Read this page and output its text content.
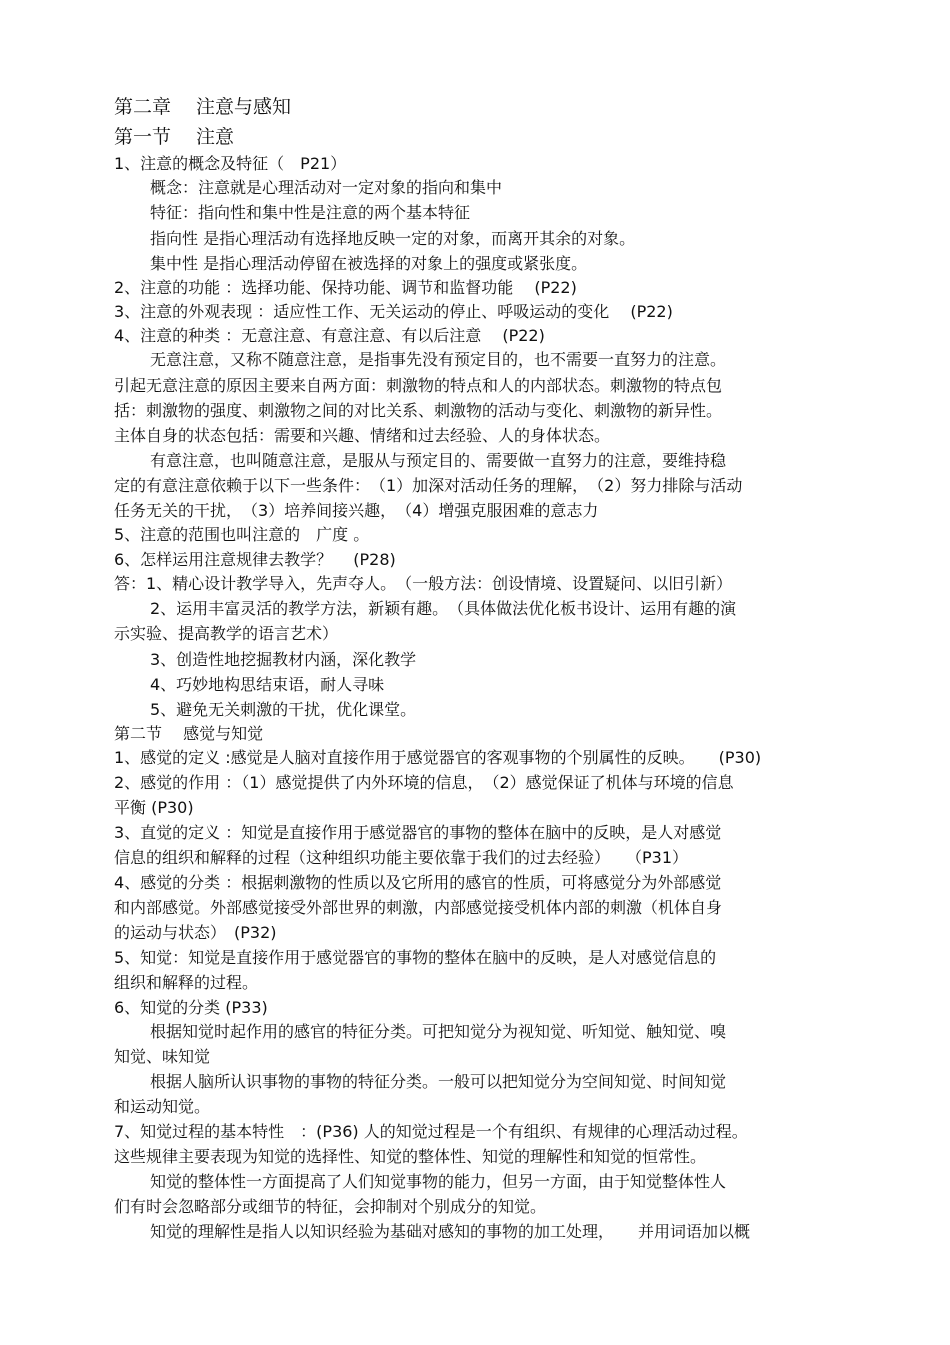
第二章　 注意与感知
第一节　 注意
1、注意的概念及特征（　P21）
概念：注意就是心理活动对一定对象的指向和集中
特征：指向性和集中性是注意的两个基本特征
指向性 是指心理活动有选择地反映一定的对象，而离开其余的对象。
集中性 是指心理活动停留在被选择的对象上的强度或紧张度。
2、注意的功能 ：选择功能、保持功能、调节和监督功能　 (P22)
3、注意的外观表现 ：适应性工作、无关运动的停止、呼吸运动的变化　 (P22)
4、注意的种类 ：无意注意、有意注意、有以后注意　 (P22)
无意注意，又称不随意注意，是指事先没有预定目的，也不需要一直努力的注意。
引起无意注意的原因主要来自两方面：刺激物的特点和人的内部状态。刺激物的特点包
括：刺激物的强度、刺激物之间的对比关系、刺激物的活动与变化、刺激物的新异性。
主体自身的状态包括：需要和兴趣、情绪和过去经验、人的身体状态。
有意注意，也叫随意注意，是服从与预定目的、需要做一直努力的注意，要维持稳
定的有意注意依赖于以下一些条件：　（1）加深对活动任务的理解，　（2）努力排除与活动
任务无关的干扰，　（3）培养间接兴趣，　（4）增强克服困难的意志力
5、注意的范围也叫注意的　广度 。
6、怎样运用注意规律去教学？　 (P28)
答：1、精心设计教学导入，先声夺人。　（一般方法：创设情境、设置疑问、以旧引新）
2、运用丰富灵活的教学方法，新颖有趣。　（具体做法优化板书设计、运用有趣的演
示实验、提高教学的语言艺术）
3、创造性地挖掘教材内涵，深化教学
4、巧妙地构思结束语，耐人寻味
5、避免无关刺激的干扰，优化课堂。
第二节　 感觉与知觉
1、感觉的定义 :感觉是人脑对直接作用于感觉器官的客观事物的个别属性的反映。　　(P30)
2、感觉的作用 ：（1）感觉提供了内外环境的信息，　（2）感觉保证了机体与环境的信息
平衡 (P30)
3、直觉的定义 ：知觉是直接作用于感觉器官的事物的整体在脑中的反映，是人对感觉
信息的组织和解释的过程（这种组织功能主要依靠于我们的过去经验）　　（P31）
4、感觉的分类 ：根据刺激物的性质以及它所用的感官的性质，可将感觉分为外部感觉
和内部感觉。外部感觉接受外部世界的刺激，内部感觉接受机体内部的刺激（机体自身
的运动与状态）　(P32)
5、知觉：知觉是直接作用于感觉器官的事物的整体在脑中的反映，是人对感觉信息的
组织和解释的过程。
6、知觉的分类 (P33)
根据知觉时起作用的感官的特征分类。可把知觉分为视知觉、听知觉、触知觉、嗅
知觉、味知觉
根据人脑所认识事物的事物的特征分类。一般可以把知觉分为空间知觉、时间知觉
和运动知觉。
7、知觉过程的基本特性　：(P36) 人的知觉过程是一个有组织、有规律的心理活动过程。
这些规律主要表现为知觉的选择性、知觉的整体性、知觉的理解性和知觉的恒常性。
知觉的整体性一方面提高了人们知觉事物的能力，但另一方面，由于知觉整体性人
们有时会忽略部分或细节的特征，会抑制对个别成分的知觉。
知觉的理解性是指人以知识经验为基础对感知的事物的加工处理，　　并用词语加以概
